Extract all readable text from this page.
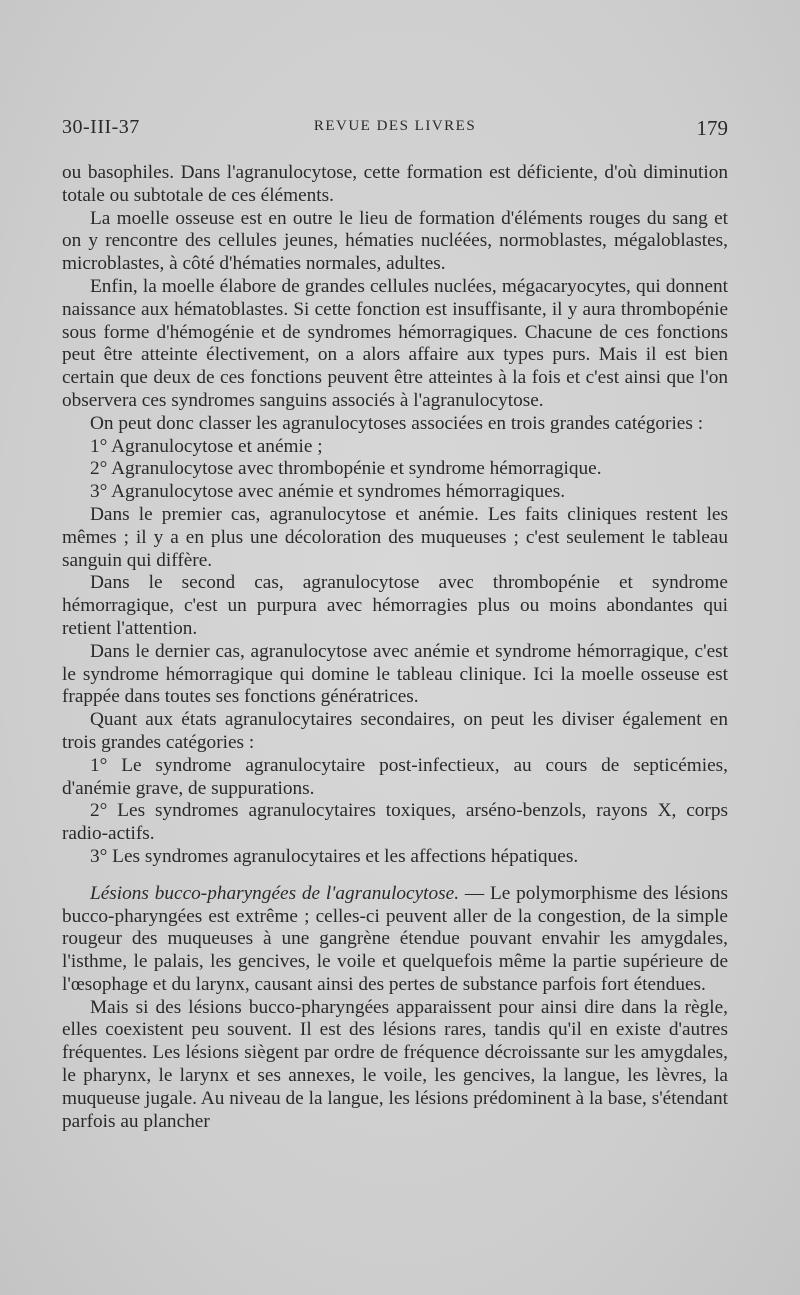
30-III-37	REVUE DES LIVRES	179

ou basophiles. Dans l'agranulocytose, cette formation est déficiente, d'où diminution totale ou subtotale de ces éléments.

La moelle osseuse est en outre le lieu de formation d'éléments rouges du sang et on y rencontre des cellules jeunes, hématies nucléées, normoblastes, mégaloblastes, microblastes, à côté d'hématies normales, adultes.

Enfin, la moelle élabore de grandes cellules nuclées, mégacaryocytes, qui donnent naissance aux hématoblastes. Si cette fonction est insuffisante, il y aura thrombopénie sous forme d'hémogénie et de syndromes hémorragiques. Chacune de ces fonctions peut être atteinte électivement, on a alors affaire aux types purs. Mais il est bien certain que deux de ces fonctions peuvent être atteintes à la fois et c'est ainsi que l'on observera ces syndromes sanguins associés à l'agranulocytose.

On peut donc classer les agranulocytoses associées en trois grandes catégories :

1° Agranulocytose et anémie ;

2° Agranulocytose avec thrombopénie et syndrome hémorragique.

3° Agranulocytose avec anémie et syndromes hémorragiques.

Dans le premier cas, agranulocytose et anémie. Les faits cliniques restent les mêmes ; il y a en plus une décoloration des muqueuses ; c'est seulement le tableau sanguin qui diffère.

Dans le second cas, agranulocytose avec thrombopénie et syndrome hémorragique, c'est un purpura avec hémorragies plus ou moins abondantes qui retient l'attention.

Dans le dernier cas, agranulocytose avec anémie et syndrome hémorragique, c'est le syndrome hémorragique qui domine le tableau clinique. Ici la moelle osseuse est frappée dans toutes ses fonctions génératrices.

Quant aux états agranulocytaires secondaires, on peut les diviser également en trois grandes catégories :

1° Le syndrome agranulocytaire post-infectieux, au cours de septicémies, d'anémie grave, de suppurations.

2° Les syndromes agranulocytaires toxiques, arséno-benzols, rayons X, corps radio-actifs.

3° Les syndromes agranulocytaires et les affections hépatiques.

Lésions bucco-pharyngées de l'agranulocytose. — Le polymorphisme des lésions bucco-pharyngées est extrême ; celles-ci peuvent aller de la congestion, de la simple rougeur des muqueuses à une gangrène étendue pouvant envahir les amygdales, l'isthme, le palais, les gencives, le voile et quelquefois même la partie supérieure de l'œsophage et du larynx, causant ainsi des pertes de substance parfois fort étendues.

Mais si des lésions bucco-pharyngées apparaissent pour ainsi dire dans la règle, elles coexistent peu souvent. Il est des lésions rares, tandis qu'il en existe d'autres fréquentes. Les lésions siègent par ordre de fréquence décroissante sur les amygdales, le pharynx, le larynx et ses annexes, le voile, les gencives, la langue, les lèvres, la muqueuse jugale. Au niveau de la langue, les lésions prédominent à la base, s'étendant parfois au plancher
